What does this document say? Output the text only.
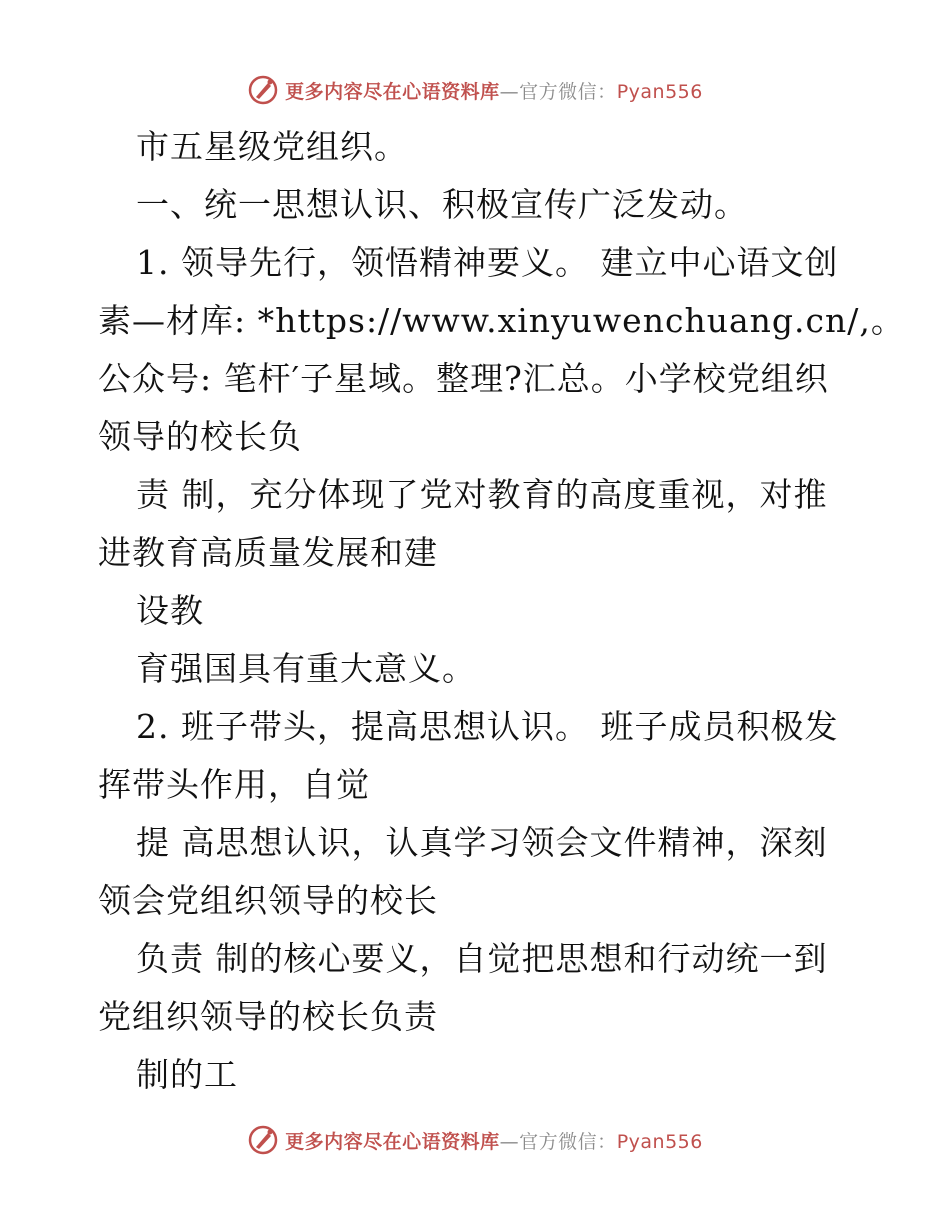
更多内容尽在心语资料库—官方微信：Pyan556
市五星级党组织。
一、统一思想认识、积极宣传广泛发动。
1. 领导先行，领悟精神要义。 建立中心语文创
素—材库: *https://www.xinyuwenchuang.cn/,。
公众号: 笔杆′子星域。整理?汇总。小学校党组织
领导的校长负
责 制，充分体现了党对教育的高度重视，对推
进教育高质量发展和建
设教
育强国具有重大意义。
2. 班子带头，提高思想认识。 班子成员积极发
挥带头作用，自觉
提 高思想认识，认真学习领会文件精神，深刻
领会党组织领导的校长
负责 制的核心要义，自觉把思想和行动统一到
党组织领导的校长负责
制的工
更多内容尽在心语资料库—官方微信：Pyan556
